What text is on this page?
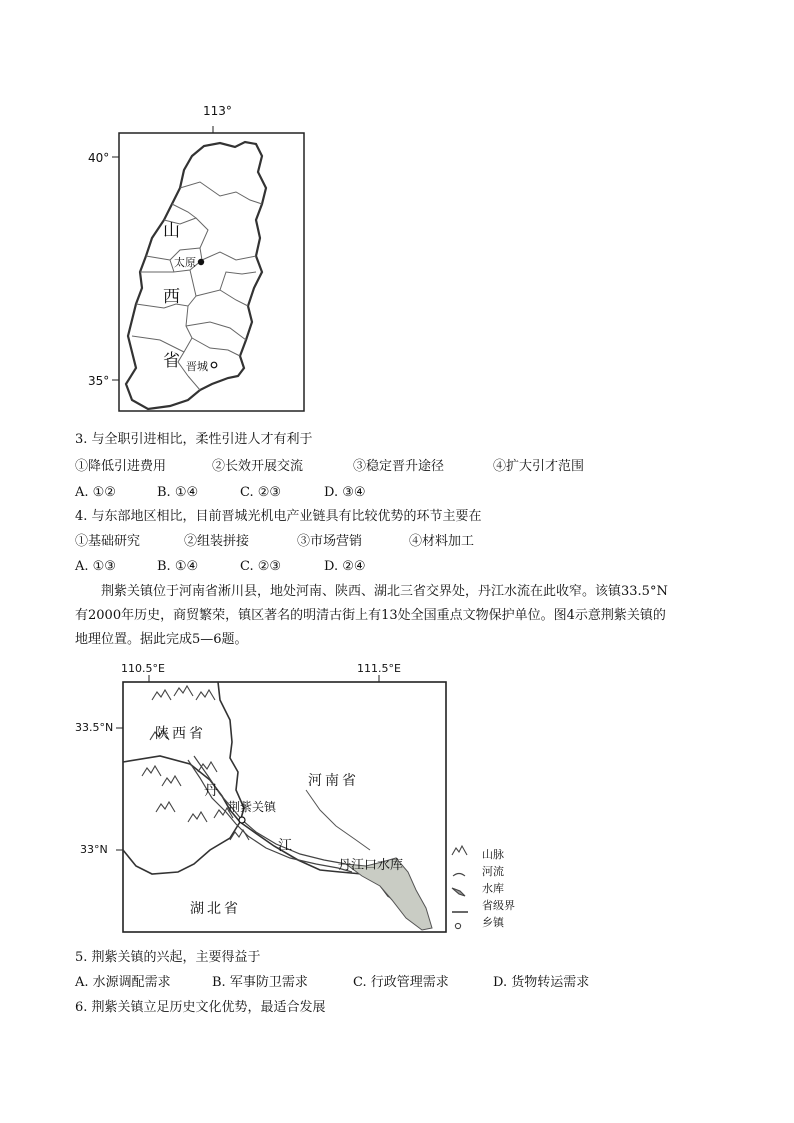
113°
40°
35°
山
西
省
太原
晋城
3. 与全职引进相比，柔性引进人才有利于
①降低引进费用	②长效开展交流	③稳定晋升途径	④扩大引才范围
A. ①②	B. ①④	C. ②③	D. ③④
4. 与东部地区相比，目前晋城光机电产业链具有比较优势的环节主要在
①基础研究	②组装拼接	③市场营销	④材料加工
A. ①③	B. ①④	C. ②③	D. ②④
荆紫关镇位于河南省淅川县，地处河南、陕西、湖北三省交界处，丹江水流在此收窄。该镇33.5°N
有2000年历史，商贸繁荣，镇区著名的明清古街上有13处全国重点文物保护单位。图4示意荆紫关镇的
地理位置。据此完成5—6题。
110.5°E	111.5°E
33.5°N
33°N
陕西省
河南省
湖北省
荆紫关镇
丹
江
丹江口水库
山脉
河流
水库
省级界
乡镇
5. 荆紫关镇的兴起，主要得益于
A. 水源调配需求	B. 军事防卫需求	C. 行政管理需求	D. 货物转运需求
6. 荆紫关镇立足历史文化优势，最适合发展
